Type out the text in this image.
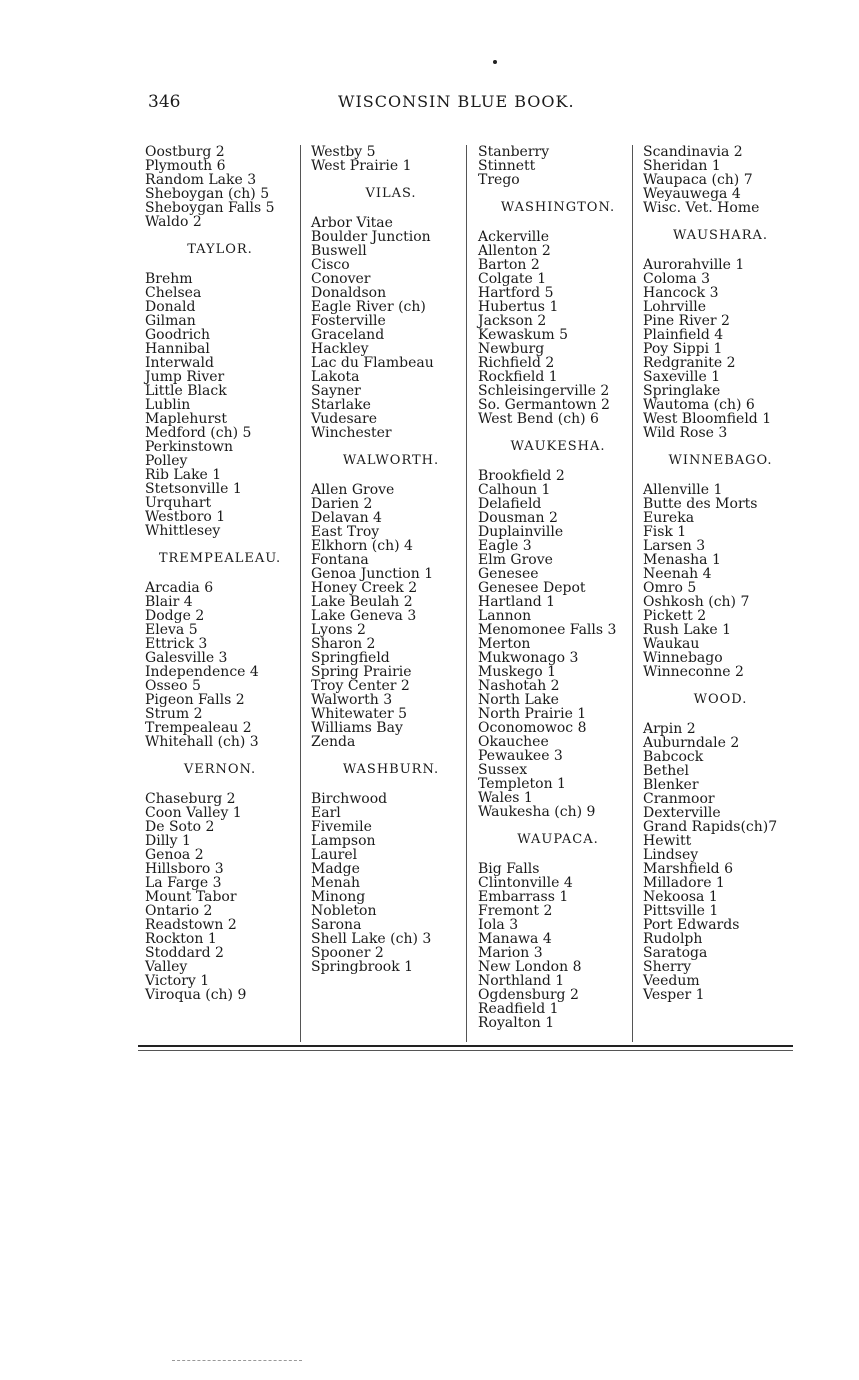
346	WISCONSIN BLUE BOOK.
Oostburg 2
Plymouth 6
Random Lake 3
Sheboygan (ch) 5
Sheboygan Falls 5
Waldo 2
TAYLOR.
Brehm
Chelsea
Donald
Gilman
Goodrich
Hannibal
Interwald
Jump River
Little Black
Lublin
Maplehurst
Medford (ch) 5
Perkinstown
Polley
Rib Lake 1
Stetsonville 1
Urquhart
Westboro 1
Whittlesey
TREMPEALEAU.
Arcadia 6
Blair 4
Dodge 2
Eleva 5
Ettrick 3
Galesville 3
Independence 4
Osseo 5
Pigeon Falls 2
Strum 2
Trempealeau 2
Whitehall (ch) 3
VERNON.
Chaseburg 2
Coon Valley 1
De Soto 2
Dilly 1
Genoa 2
Hillsboro 3
La Farge 3
Mount Tabor
Ontario 2
Readstown 2
Rockton 1
Stoddard 2
Valley
Victory 1
Viroqua (ch) 9
Westby 5
West Prairie 1
VILAS.
Arbor Vitae
Boulder Junction
Buswell
Cisco
Conover
Donaldson
Eagle River (ch)
Fosterville
Graceland
Hackley
Lac du Flambeau
Lakota
Sayner
Starlake
Vudesare
Winchester
WALWORTH.
Allen Grove
Darien 2
Delavan 4
East Troy
Elkhorn (ch) 4
Fontana
Genoa Junction 1
Honey Creek 2
Lake Beulah 2
Lake Geneva 3
Lyons 2
Sharon 2
Springfield
Spring Prairie
Troy Center 2
Walworth 3
Whitewater 5
Williams Bay
Zenda
WASHBURN.
Birchwood
Earl
Fivemile
Lampson
Laurel
Madge
Menah
Minong
Nobleton
Sarona
Shell Lake (ch) 3
Spooner 2
Springbrook 1
Stanberry
Stinnett
Trego
WASHINGTON.
Ackerville
Allenton 2
Barton 2
Colgate 1
Hartford 5
Hubertus 1
Jackson 2
Kewaskum 5
Newburg
Richfield 2
Rockfield 1
Schleisingerville 2
So. Germantown 2
West Bend (ch) 6
WAUKESHA.
Brookfield 2
Calhoun 1
Delafield
Dousman 2
Duplainville
Eagle 3
Elm Grove
Genesee
Genesee Depot
Hartland 1
Lannon
Menomonee Falls 3
Merton
Mukwonago 3
Muskego 1
Nashotah 2
North Lake
North Prairie 1
Oconomowoc 8
Okauchee
Pewaukee 3
Sussex
Templeton 1
Wales 1
Waukesha (ch) 9
WAUPACA.
Big Falls
Clintonville 4
Embarrass 1
Fremont 2
Iola 3
Manawa 4
Marion 3
New London 8
Northland 1
Ogdensburg 2
Readfield 1
Royalton 1
Scandinavia 2
Sheridan 1
Waupaca (ch) 7
Weyauwega 4
Wisc. Vet. Home
WAUSHARA.
Aurorahville 1
Coloma 3
Hancock 3
Lohrville
Pine River 2
Plainfield 4
Poy Sippi 1
Redgranite 2
Saxeville 1
Springlake
Wautoma (ch) 6
West Bloomfield 1
Wild Rose 3
WINNEBAGO.
Allenville 1
Butte des Morts
Eureka
Fisk 1
Larsen 3
Menasha 1
Neenah 4
Omro 5
Oshkosh (ch) 7
Pickett 2
Rush Lake 1
Waukau
Winnebago
Winneconne 2
WOOD.
Arpin 2
Auburndale 2
Babcock
Bethel
Blenker
Cranmoor
Dexterville
Grand Rapids(ch)7
Hewitt
Lindsey
Marshfield 6
Milladore 1
Nekoosa 1
Pittsville 1
Port Edwards
Rudolph
Saratoga
Sherry
Veedum
Vesper 1
